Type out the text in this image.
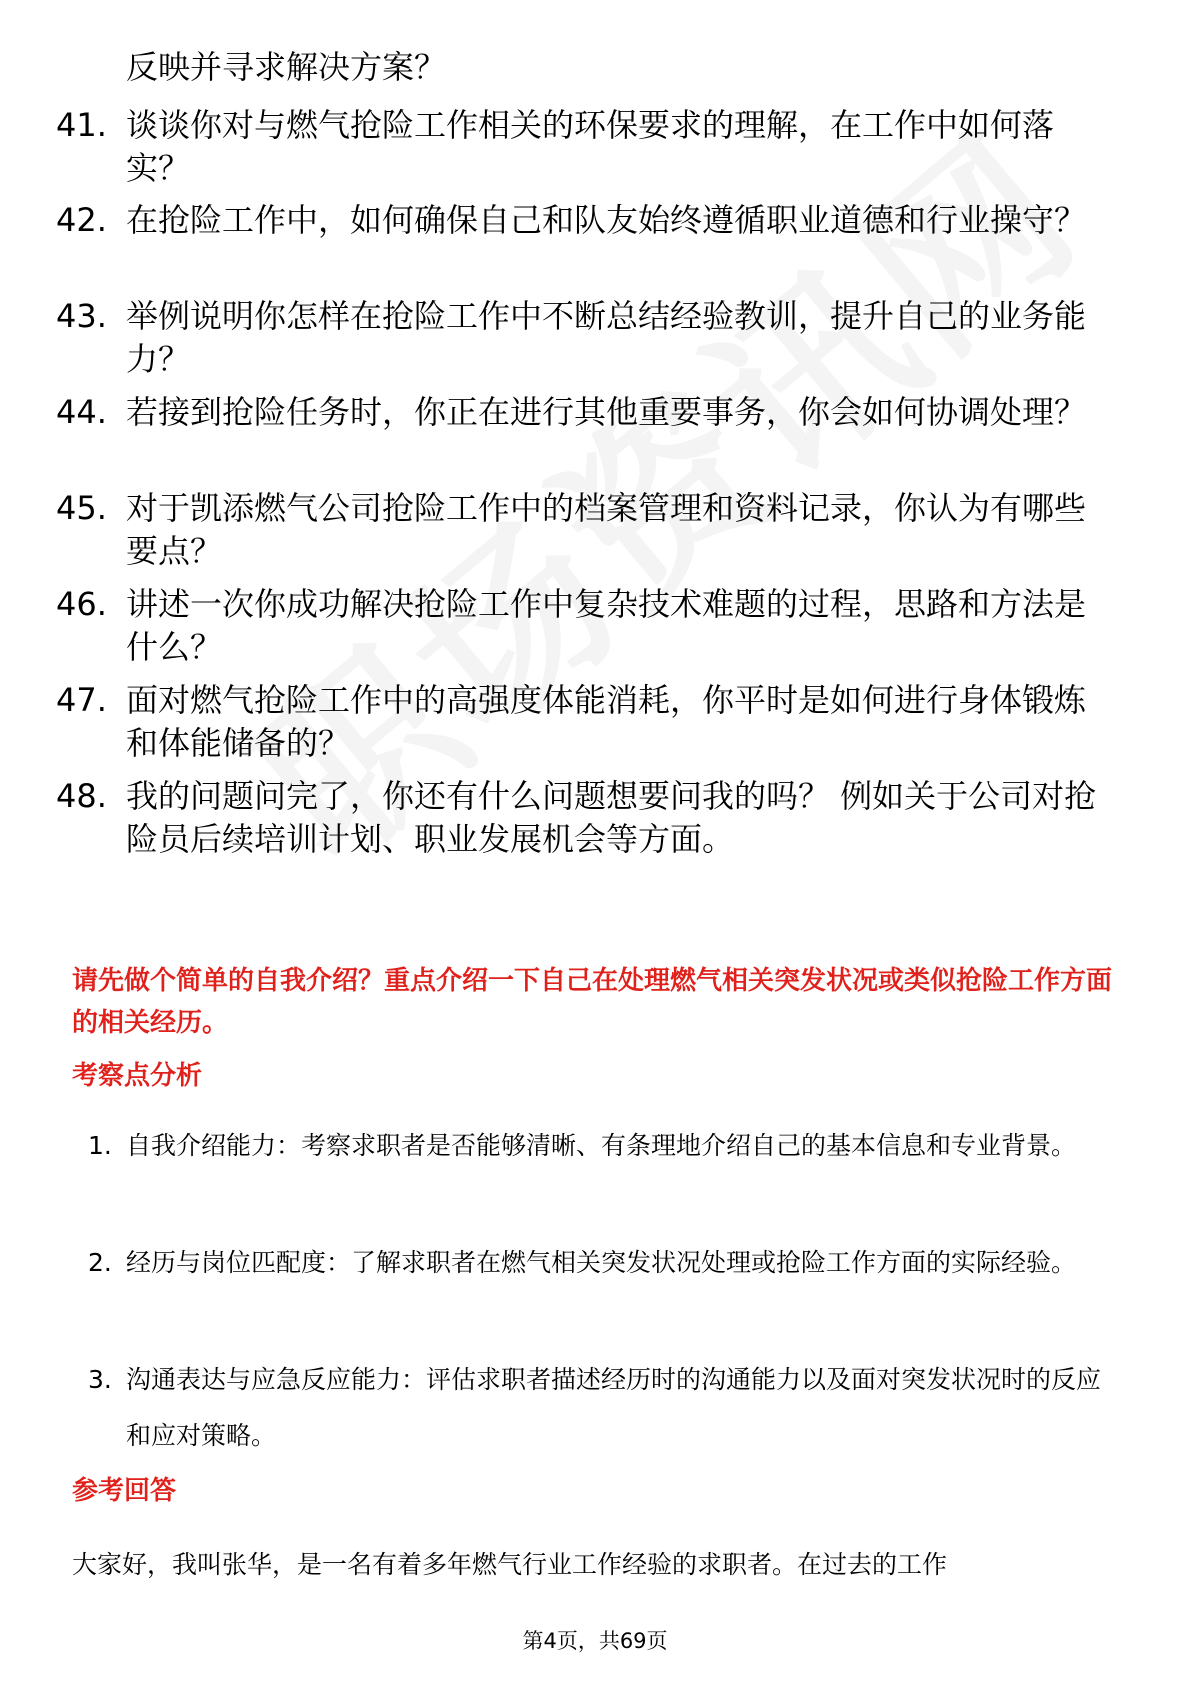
反映并寻求解决方案？
41. 谈谈你对与燃气抢险工作相关的环保要求的理解，在工作中如何落实？
42. 在抢险工作中，如何确保自己和队友始终遵循职业道德和行业操守？
43. 举例说明你怎样在抢险工作中不断总结经验教训，提升自己的业务能力？
44. 若接到抢险任务时，你正在进行其他重要事务，你会如何协调处理？
45. 对于凯添燃气公司抢险工作中的档案管理和资料记录，你认为有哪些要点？
46. 讲述一次你成功解决抢险工作中复杂技术难题的过程，思路和方法是什么？
47. 面对燃气抢险工作中的高强度体能消耗，你平时是如何进行身体锻炼和体能储备的？
48. 我的问题问完了，你还有什么问题想要问我的吗？ 例如关于公司对抢险员后续培训计划、职业发展机会等方面。
请先做个简单的自我介绍？重点介绍一下自己在处理燃气相关突发状况或类似抢险工作方面的相关经历。
考察点分析
1. 自我介绍能力：考察求职者是否能够清晰、有条理地介绍自己的基本信息和专业背景。
2. 经历与岗位匹配度：了解求职者在燃气相关突发状况处理或抢险工作方面的实际经验。
3. 沟通表达与应急反应能力：评估求职者描述经历时的沟通能力以及面对突发状况时的反应和应对策略。
参考回答
大家好，我叫张华，是一名有着多年燃气行业工作经验的求职者。在过去的工作
第4页，共69页
